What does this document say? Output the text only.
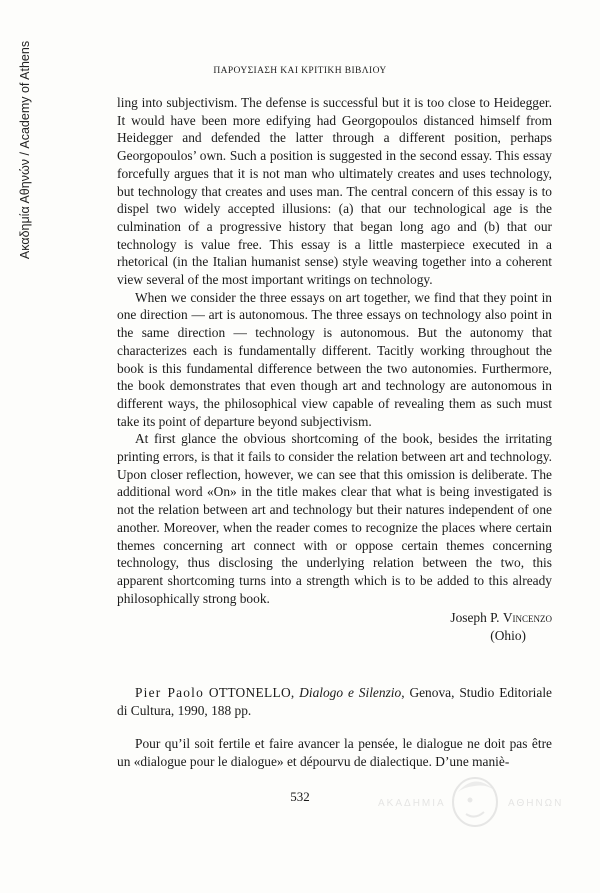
Ακαδημία Αθηνών / Academy of Athens	ΠΑΡΟΥΣΙΑΣΗ ΚΑΙ ΚΡΙΤΙΚΗ ΒΙΒΛΙΟΥ

ling into subjectivism. The defense is successful but it is too close to Heidegger. It would have been more edifying had Georgopoulos distanced himself from Heidegger and defended the latter through a different position, perhaps Georgopoulos’ own. Such a position is suggested in the second essay. This essay forcefully argues that it is not man who ultimately creates and uses technology, but technology that creates and uses man. The central concern of this essay is to dispel two widely accepted illusions: (a) that our technological age is the culmination of a progressive history that began long ago and (b) that our technology is value free. This essay is a little masterpiece executed in a rhetorical (in the Italian humanist sense) style weaving together into a coherent view several of the most important writings on technology.

When we consider the three essays on art together, we find that they point in one direction — art is autonomous. The three essays on technology also point in the same direction — technology is autonomous. But the autonomy that characterizes each is fundamentally different. Tacitly working throughout the book is this fundamental difference between the two autonomies. Furthermore, the book demonstrates that even though art and technology are autonomous in different ways, the philosophical view capable of revealing them as such must take its point of departure beyond subjectivism.

At first glance the obvious shortcoming of the book, besides the irritating printing errors, is that it fails to consider the relation between art and technology. Upon closer reflection, however, we can see that this omission is deliberate. The additional word «On» in the title makes clear that what is being investigated is not the relation between art and technology but their natures independent of one another. Moreover, when the reader comes to recognize the places where certain themes concerning art connect with or oppose certain themes concerning technology, thus disclosing the underlying relation between the two, this apparent shortcoming turns into a strength which is to be added to this already philosophically strong book.

Joseph P. Vincenzo
(Ohio)

Pier Paolo OTTONELLO, Dialogo e Silenzio, Genova, Studio Editoriale di Cultura, 1990, 188 pp.

Pour qu’il soit fertile et faire avancer la pensée, le dialogue ne doit pas être un «dialogue pour le dialogue» et dépourvu de dialectique. D’une maniè-

532	ΑΚΑΔΗΜΙΑ	ΑΘΗΝΩΝ
